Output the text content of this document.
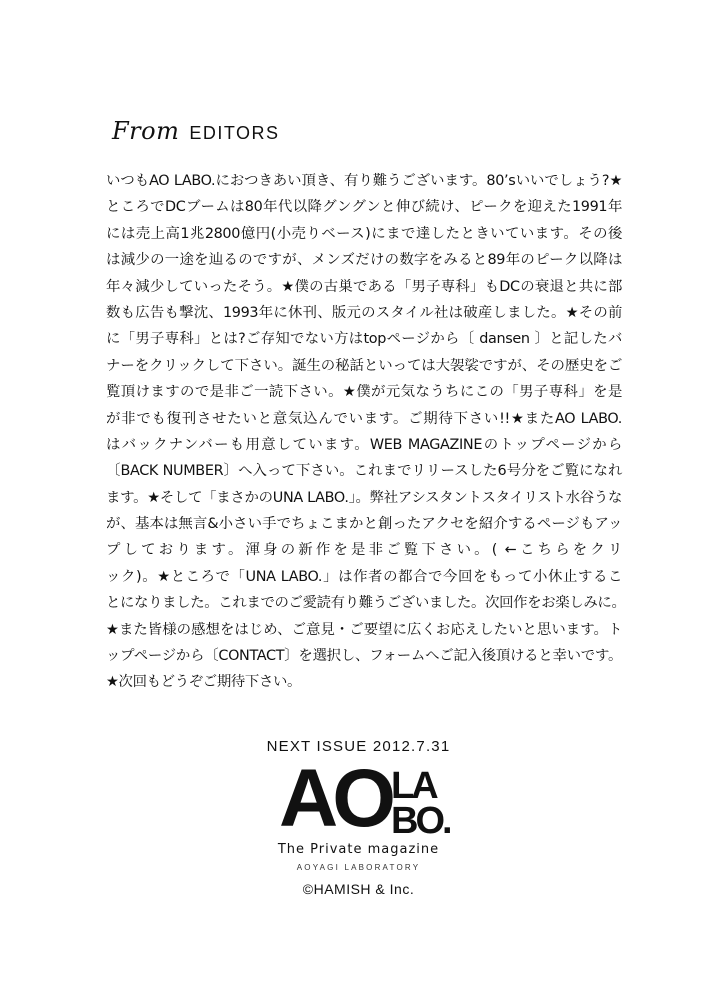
From EDITORS
いつもAO LABO.におつきあい頂き、有り難うございます。80’sいいでしょう?★
ところでDCブームは80年代以降グングンと伸び続け、ピークを迎えた1991年
には売上高1兆2800億円(小売りベース)にまで達したときいています。その後
は減少の一途を辿るのですが、メンズだけの数字をみると89年のピーク以降は
年々減少していったそう。★僕の古巣である「男子専科」もDCの衰退と共に部
数も広告も撃沈、1993年に休刊、版元のスタイル社は破産しました。★その前
に「男子専科」とは?ご存知でない方はtopページから〔 dansen 〕と記したバ
ナーをクリックして下さい。誕生の秘話といっては大袈裟ですが、その歴史をご
覧頂けますので是非ご一読下さい。★僕が元気なうちにこの「男子専科」を是
が非でも復刊させたいと意気込んでいます。ご期待下さい!!★またAO LABO.
はバックナンバーも用意しています。WEB MAGAZINEのトップページから
〔BACK NUMBER〕へ入って下さい。これまでリリースした6号分をご覧になれ
ます。★そして「まさかのUNA LABO.」。弊社アシスタントスタイリスト水谷うな
が、基本は無言&小さい手でちょこまかと創ったアクセを紹介するページもアッ
プしております。渾身の新作を是非ご覧下さい。( ←こちらをクリ
ック)。★ところで「UNA LABO.」は作者の都合で今回をもって小休止するこ
とになりました。これまでのご愛読有り難うございました。次回作をお楽しみに。
★また皆様の感想をはじめ、ご意見・ご要望に広くお応えしたいと思います。ト
ップページから〔CONTACT〕を選択し、フォームへご記入後頂けると幸いです。
★次回もどうぞご期待下さい。
NEXT ISSUE 2012.7.31
AO LA
BO.
The Private magazine
AOYAGI LABORATORY
©HAMISH & Inc.
